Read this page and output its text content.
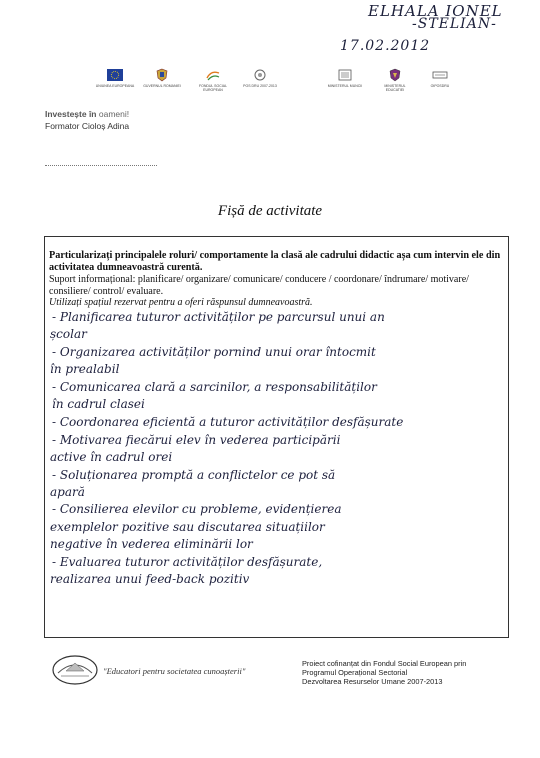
ELHALA IONEL
-STELIAN-
17.02.2012
UNIUNEA EUROPEANA	GUVERNUL ROMANIEI	FONDUL SOCIAL EUROPEAN
POS DRU 2007-2013	MINISTERUL MUNCII	MINISTERUL EDUCATIEI
OIPOSDRU
Investește în oameni!
Formator Cioloș Adina
Fișă de activitate
Particularizați principalele roluri/ comportamente la clasă ale cadrului didactic așa cum intervin ele din activitatea dumneavoastră curentă.
Suport informațional: planificare/ organizare/ comunicare/ conducere / coordonare/ îndrumare/ motivare/ consiliere/ control/ evaluare.
Utilizați spațiul rezervat pentru a oferi răspunsul dumneavoastră.
- Planificarea tuturor activităților pe parcursul unui an
școlar
- Organizarea activităților pornind unui orar întocmit
în prealabil
- Comunicarea clară a sarcinilor, a responsabilităților
în cadrul clasei
- Coordonarea eficientă a tuturor activităților desfășurate
- Motivarea fiecărui elev în vederea participării
active în cadrul orei
- Soluționarea promptă a conflictelor ce pot să
apară
- Consilierea elevilor cu probleme, evidențierea
exemplelor pozitive sau discutarea situațiilor
negative în vederea eliminării lor
- Evaluarea tuturor activităților desfășurate,
realizarea unui feed-back pozitiv
"Educatori pentru societatea cunoașterii"
Proiect cofinanțat din Fondul Social European prin
Programul Operațional Sectorial
Dezvoltarea Resurselor Umane 2007-2013
